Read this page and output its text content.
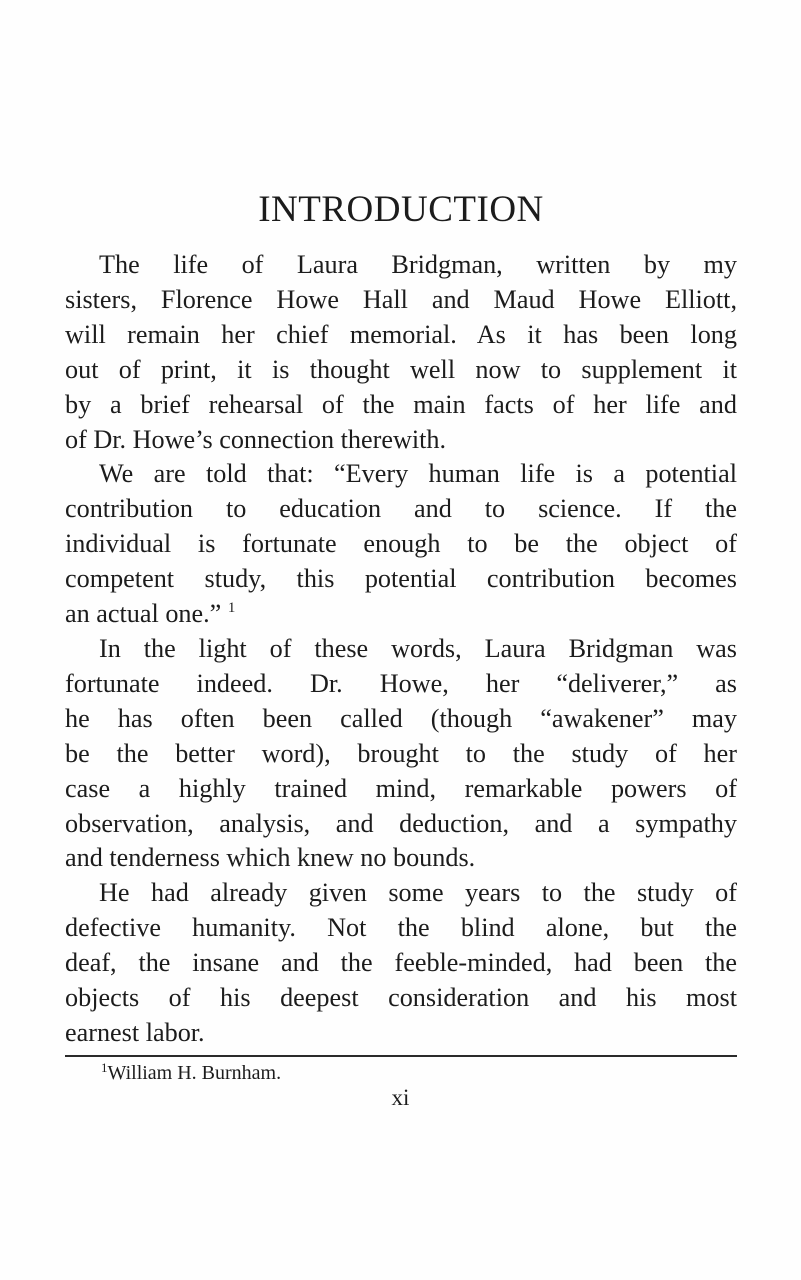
INTRODUCTION

The life of Laura Bridgman, written by my
sisters, Florence Howe Hall and Maud Howe Elliott,
will remain her chief memorial. As it has been long
out of print, it is thought well now to supplement it
by a brief rehearsal of the main facts of her life and
of Dr. Howe’s connection therewith.

We are told that: “Every human life is a potential
contribution to education and to science. If the
individual is fortunate enough to be the object of
competent study, this potential contribution becomes
an actual one.” $^1$

In the light of these words, Laura Bridgman was
fortunate indeed. Dr. Howe, her “deliverer,” as
he has often been called (though “awakener” may
be the better word), brought to the study of her
case a highly trained mind, remarkable powers of
observation, analysis, and deduction, and a sympathy
and tenderness which knew no bounds.

He had already given some years to the study of
defective humanity. Not the blind alone, but the
deaf, the insane and the feeble-minded, had been the
objects of his deepest consideration and his most
earnest labor.

$^1$William H. Burnham.
xi
